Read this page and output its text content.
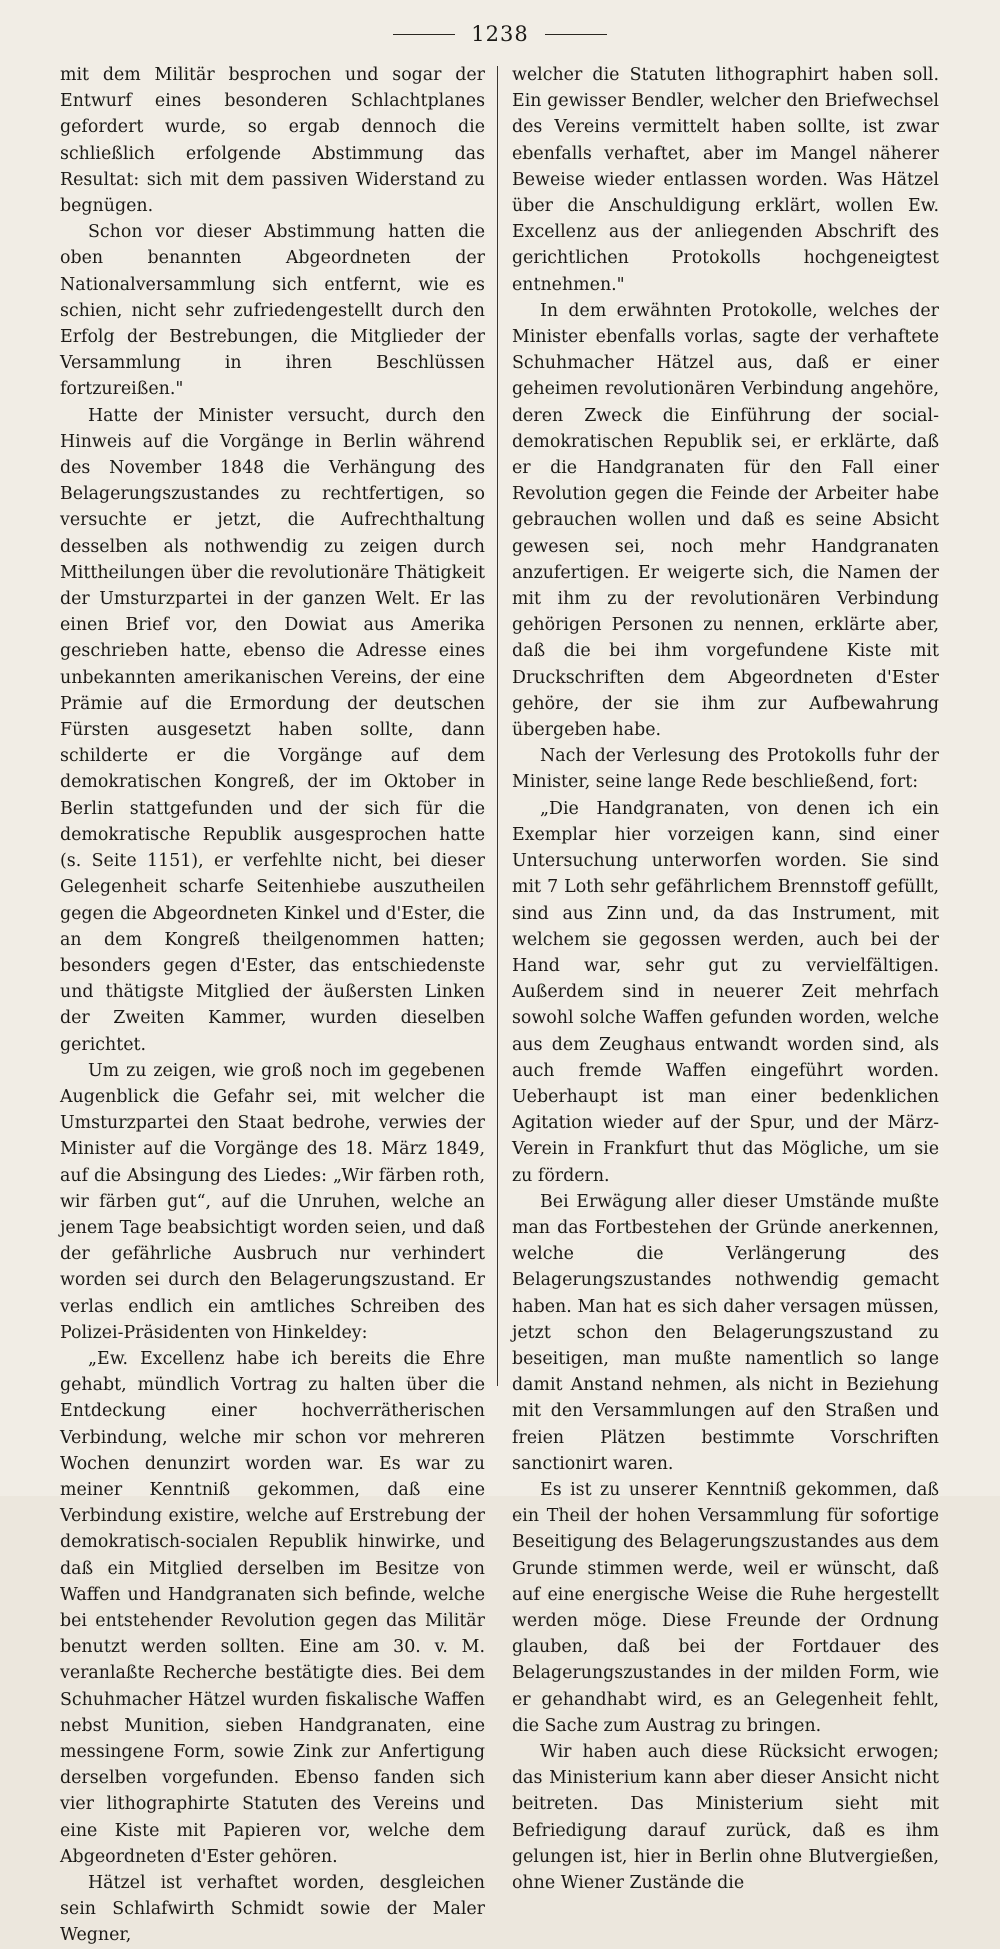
1238

mit dem Militär besprochen und sogar der Entwurf eines besonderen Schlachtplanes gefordert wurde, so ergab dennoch die schließlich erfolgende Abstimmung das Resultat: sich mit dem passiven Widerstand zu begnügen.

Schon vor dieser Abstimmung hatten die oben benannten Abgeordneten der Nationalversammlung sich entfernt, wie es schien, nicht sehr zufriedengestellt durch den Erfolg der Bestrebungen, die Mitglieder der Versammlung in ihren Beschlüssen fortzureißen."

Hatte der Minister versucht, durch den Hinweis auf die Vorgänge in Berlin während des November 1848 die Verhängung des Belagerungszustandes zu rechtfertigen, so versuchte er jetzt, die Aufrechthaltung desselben als nothwendig zu zeigen durch Mittheilungen über die revolutionäre Thätigkeit der Umsturzpartei in der ganzen Welt. Er las einen Brief vor, den Dowiat aus Amerika geschrieben hatte, ebenso die Adresse eines unbekannten amerikanischen Vereins, der eine Prämie auf die Ermordung der deutschen Fürsten ausgesetzt haben sollte, dann schilderte er die Vorgänge auf dem demokratischen Kongreß, der im Oktober in Berlin stattgefunden und der sich für die demokratische Republik ausgesprochen hatte (s. Seite 1151), er verfehlte nicht, bei dieser Gelegenheit scharfe Seitenhiebe auszutheilen gegen die Abgeordneten Kinkel und d'Ester, die an dem Kongreß theilgenommen hatten; besonders gegen d'Ester, das entschiedenste und thätigste Mitglied der äußersten Linken der Zweiten Kammer, wurden dieselben gerichtet.

Um zu zeigen, wie groß noch im gegebenen Augenblick die Gefahr sei, mit welcher die Umsturzpartei den Staat bedrohe, verwies der Minister auf die Vorgänge des 18. März 1849, auf die Absingung des Liedes: „Wir färben roth, wir färben gut“, auf die Unruhen, welche an jenem Tage beabsichtigt worden seien, und daß der gefährliche Ausbruch nur verhindert worden sei durch den Belagerungszustand. Er verlas endlich ein amtliches Schreiben des Polizei-Präsidenten von Hinkeldey:

„Ew. Excellenz habe ich bereits die Ehre gehabt, mündlich Vortrag zu halten über die Entdeckung einer hochverrätherischen Verbindung, welche mir schon vor mehreren Wochen denunzirt worden war. Es war zu meiner Kenntniß gekommen, daß eine Verbindung existire, welche auf Erstrebung der demokratisch-socialen Republik hinwirke, und daß ein Mitglied derselben im Besitze von Waffen und Handgranaten sich befinde, welche bei entstehender Revolution gegen das Militär benutzt werden sollten. Eine am 30. v. M. veranlaßte Recherche bestätigte dies. Bei dem Schuhmacher Hätzel wurden fiskalische Waffen nebst Munition, sieben Handgranaten, eine messingene Form, sowie Zink zur Anfertigung derselben vorgefunden. Ebenso fanden sich vier lithographirte Statuten des Vereins und eine Kiste mit Papieren vor, welche dem Abgeordneten d'Ester gehören.

Hätzel ist verhaftet worden, desgleichen sein Schlafwirth Schmidt sowie der Maler Wegner,

welcher die Statuten lithographirt haben soll. Ein gewisser Bendler, welcher den Briefwechsel des Vereins vermittelt haben sollte, ist zwar ebenfalls verhaftet, aber im Mangel näherer Beweise wieder entlassen worden. Was Hätzel über die Anschuldigung erklärt, wollen Ew. Excellenz aus der anliegenden Abschrift des gerichtlichen Protokolls hochgeneigtest entnehmen."

In dem erwähnten Protokolle, welches der Minister ebenfalls vorlas, sagte der verhaftete Schuhmacher Hätzel aus, daß er einer geheimen revolutionären Verbindung angehöre, deren Zweck die Einführung der social-demokratischen Republik sei, er erklärte, daß er die Handgranaten für den Fall einer Revolution gegen die Feinde der Arbeiter habe gebrauchen wollen und daß es seine Absicht gewesen sei, noch mehr Handgranaten anzufertigen. Er weigerte sich, die Namen der mit ihm zu der revolutionären Verbindung gehörigen Personen zu nennen, erklärte aber, daß die bei ihm vorgefundene Kiste mit Druckschriften dem Abgeordneten d'Ester gehöre, der sie ihm zur Aufbewahrung übergeben habe.

Nach der Verlesung des Protokolls fuhr der Minister, seine lange Rede beschließend, fort:

„Die Handgranaten, von denen ich ein Exemplar hier vorzeigen kann, sind einer Untersuchung unterworfen worden. Sie sind mit 7 Loth sehr gefährlichem Brennstoff gefüllt, sind aus Zinn und, da das Instrument, mit welchem sie gegossen werden, auch bei der Hand war, sehr gut zu vervielfältigen. Außerdem sind in neuerer Zeit mehrfach sowohl solche Waffen gefunden worden, welche aus dem Zeughaus entwandt worden sind, als auch fremde Waffen eingeführt worden. Ueberhaupt ist man einer bedenklichen Agitation wieder auf der Spur, und der März-Verein in Frankfurt thut das Mögliche, um sie zu fördern.

Bei Erwägung aller dieser Umstände mußte man das Fortbestehen der Gründe anerkennen, welche die Verlängerung des Belagerungszustandes nothwendig gemacht haben. Man hat es sich daher versagen müssen, jetzt schon den Belagerungszustand zu beseitigen, man mußte namentlich so lange damit Anstand nehmen, als nicht in Beziehung mit den Versammlungen auf den Straßen und freien Plätzen bestimmte Vorschriften sanctionirt waren.

Es ist zu unserer Kenntniß gekommen, daß ein Theil der hohen Versammlung für sofortige Beseitigung des Belagerungszustandes aus dem Grunde stimmen werde, weil er wünscht, daß auf eine energische Weise die Ruhe hergestellt werden möge. Diese Freunde der Ordnung glauben, daß bei der Fortdauer des Belagerungszustandes in der milden Form, wie er gehandhabt wird, es an Gelegenheit fehlt, die Sache zum Austrag zu bringen.

Wir haben auch diese Rücksicht erwogen; das Ministerium kann aber dieser Ansicht nicht beitreten. Das Ministerium sieht mit Befriedigung darauf zurück, daß es ihm gelungen ist, hier in Berlin ohne Blutvergießen, ohne Wiener Zustände die
